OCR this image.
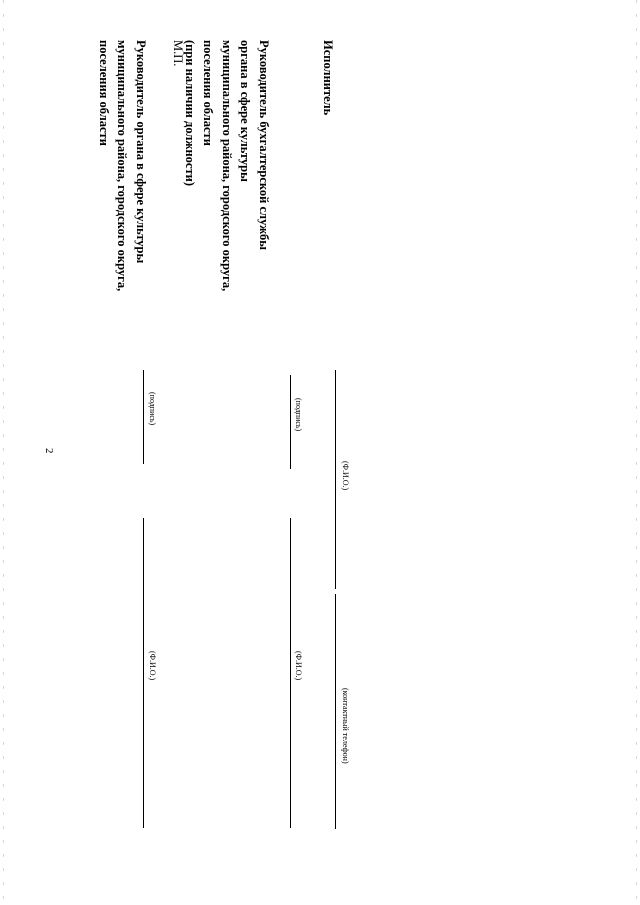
2
Руководитель органа в сфере культуры
муниципального района, городского округа,
поселения области
(подпись)
(Ф.И.О.)
М.П.	Руководитель бухгалтерской службы
органа в сфере культуры
муниципального района, городского округа,
поселения области
(при наличии должности)
(подпись)
(Ф.И.О.)
Исполнитель
(Ф.И.О.)
(контактный телефон)
